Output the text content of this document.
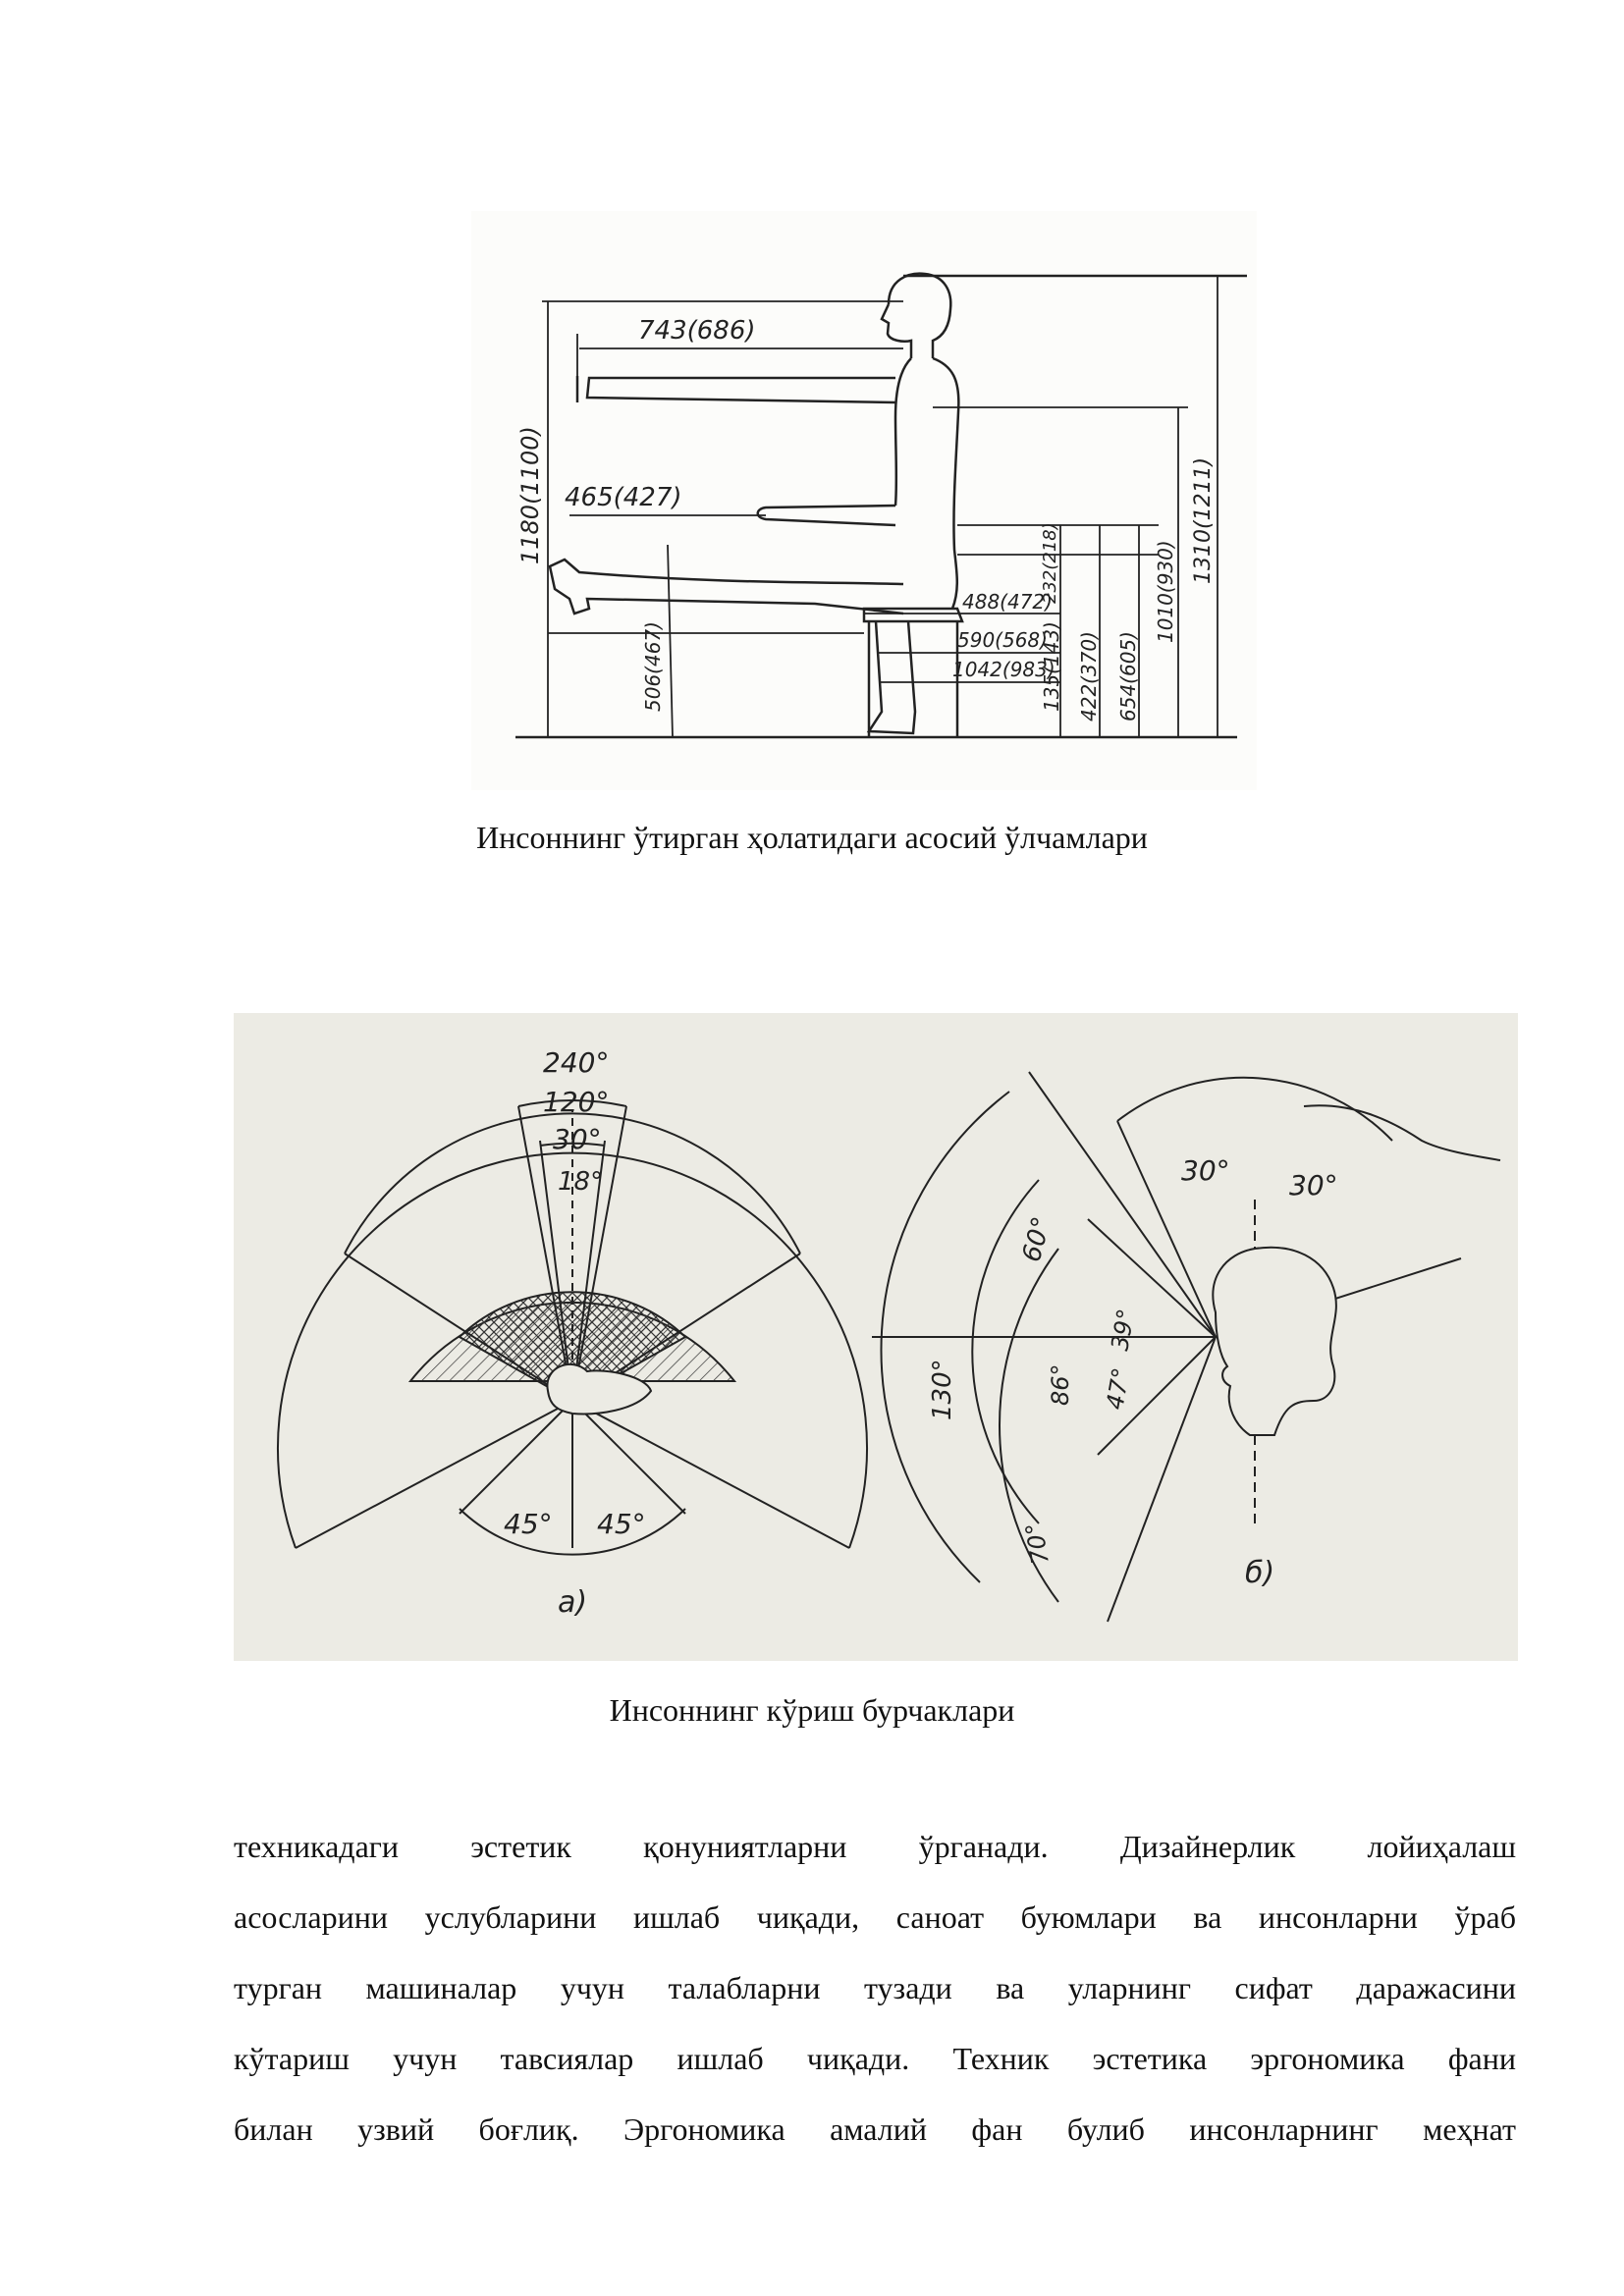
743(686)
465(427)
1180(1100)
506(467)
488(472)
590(568)
1042(983)
135(143)
232(218)
422(370) 654(605)
1010(930)
1310(1211)
Инсоннинг ўтирган ҳолатидаги асосий ўлчамлари
240°
120°
30°
18°
45° 45°
а)
30° 30°
60°
130°	86° 47°
39°
70°
б)
Инсоннинг кўриш бурчаклари
техникадаги эстетик қонуниятларни ўрганади. Дизайнерлик лойиҳалаш
асосларини услубларини ишлаб чиқади, саноат буюмлари ва инсонларни ўраб
турган машиналар учун талабларни тузади ва уларнинг сифат даражасини
кўтариш учун тавсиялар ишлаб чиқади. Техник эстетика эргономика фани
билан узвий боғлиқ. Эргономика амалий фан булиб инсонларнинг меҳнат
